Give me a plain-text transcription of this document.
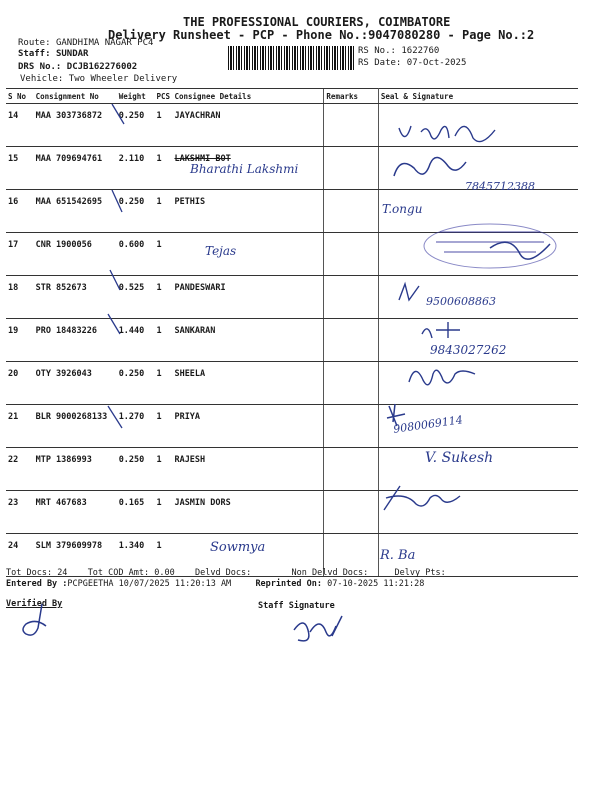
THE PROFESSIONAL COURIERS, COIMBATORE
Delivery Runsheet - PCP - Phone No.:9047080280 - Page No.:2
Route: GANDHIMA NAGAR PC4
Staff: SUNDAR
DRS No.: DCJB162276002
Vehicle: Two Wheeler Delivery
RS No.: 1622760
RS Date: 07-Oct-2025
S No	Consignment No	Weight	PCS	Consignee Details	Remarks	Seal & Signature
14	MAA 303736872	0.250	1	JAYACHRAN		
15	MAA 709694761	2.110	1	LAKSHMI BOT		
16	MAA 651542695	0.250	1	PETHIS		
17	CNR 1900056	0.600	1			
18	STR 852673	0.525	1	PANDESWARI		
19	PRO 18483226	1.440	1	SANKARAN		
20	OTY 3926043	0.250	1	SHEELA		
21	BLR 9000268133	1.270	1	PRIYA		
22	MTP 1386993	0.250	1	RAJESH		
23	MRT 467683	0.165	1	JASMIN DORS		
24	SLM 379609978	1.340	1			
Bharathi Lakshmi
7845712388
T.ongu
Tejas
9500608863
9843027262
9080069114
V. Sukesh
Sowmya
R. Ba
Tot Docs: 24 Tot COD Amt: 0.00 Delvd Docs:	Non Delvd Docs:	Delvy Pts:
Entered By :PCPGEETHA 10/07/2025 11:20:13 AM	Reprinted On: 07-10-2025 11:21:28
Verified By	Staff Signature
